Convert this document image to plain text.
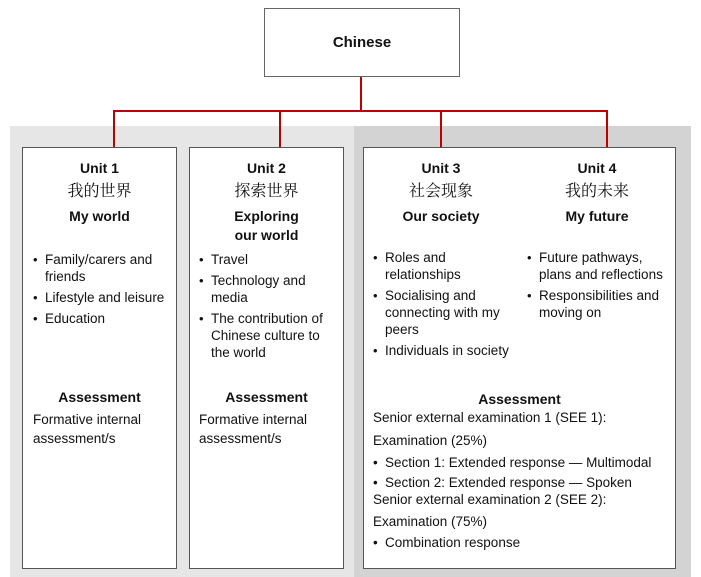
Chinese
Unit 1
我的世界
My world
• Family/carers and friends
• Lifestyle and leisure
• Education
Assessment
Formative internal assessment/s
Unit 2
探索世界
Exploring our world
• Travel
• Technology and media
• The contribution of Chinese culture to the world
Assessment
Formative internal assessment/s
Unit 3
社会现象
Our society
Unit 4
我的未来
My future
• Roles and relationships
• Socialising and connecting with my peers
• Individuals in society
• Future pathways, plans and reflections
• Responsibilities and moving on
Assessment
Senior external examination 1 (SEE 1):
Examination (25%)
• Section 1: Extended response — Multimodal
• Section 2: Extended response — Spoken
Senior external examination 2 (SEE 2):
Examination (75%)
• Combination response
